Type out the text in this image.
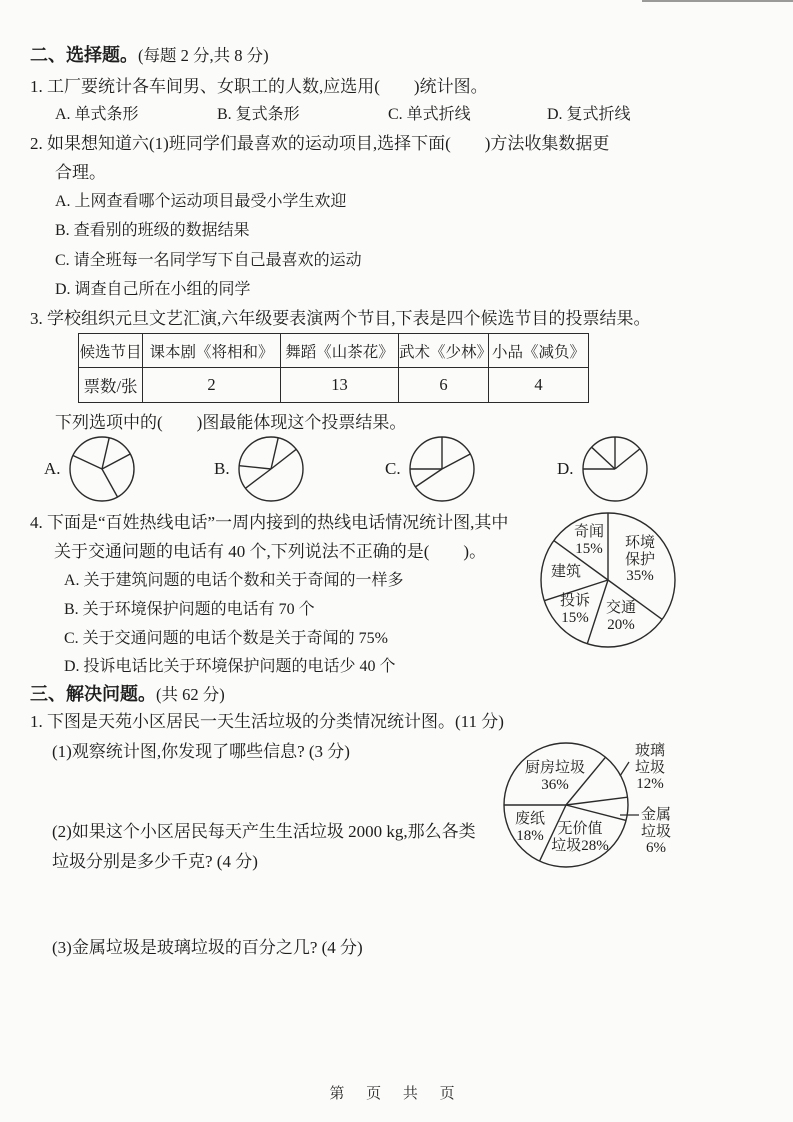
二、选择题。(每题 2 分,共 8 分)
1. 工厂要统计各车间男、女职工的人数,应选用(　　)统计图。
A. 单式条形	B. 复式条形	C. 单式折线	D. 复式折线
2. 如果想知道六(1)班同学们最喜欢的运动项目,选择下面(　　)方法收集数据更
合理。
A. 上网查看哪个运动项目最受小学生欢迎
B. 查看别的班级的数据结果
C. 请全班每一名同学写下自己最喜欢的运动
D. 调查自己所在小组的同学
3. 学校组织元旦文艺汇演,六年级要表演两个节目,下表是四个候选节目的投票结果。
候选节目	课本剧《将相和》	舞蹈《山茶花》	武术《少林》	小品《减负》
票数/张	2	13	6	4
下列选项中的(　　)图最能体现这个投票结果。
A.	B.	C.	D.
4. 下面是“百姓热线电话”一周内接到的热线电话情况统计图,其中
关于交通问题的电话有 40 个,下列说法不正确的是(　　)。
A. 关于建筑问题的电话个数和关于奇闻的一样多
B. 关于环境保护问题的电话有 70 个
C. 关于交通问题的电话个数是关于奇闻的 75%
D. 投诉电话比关于环境保护问题的电话少 40 个
奇闻
15%	环境
保护
35%
建筑
投诉
15%
交通
20%
三、解决问题。(共 62 分)
1. 下图是天苑小区居民一天生活垃圾的分类情况统计图。(11 分)
(1)观察统计图,你发现了哪些信息? (3 分)
(2)如果这个小区居民每天产生生活垃圾 2000 kg,那么各类
垃圾分别是多少千克? (4 分)
(3)金属垃圾是玻璃垃圾的百分之几? (4 分)
厨房垃圾
36%
废纸
18% 无价值
垃圾28%
玻璃
垃圾
12%
金属
垃圾
6%
第 页 共 页
